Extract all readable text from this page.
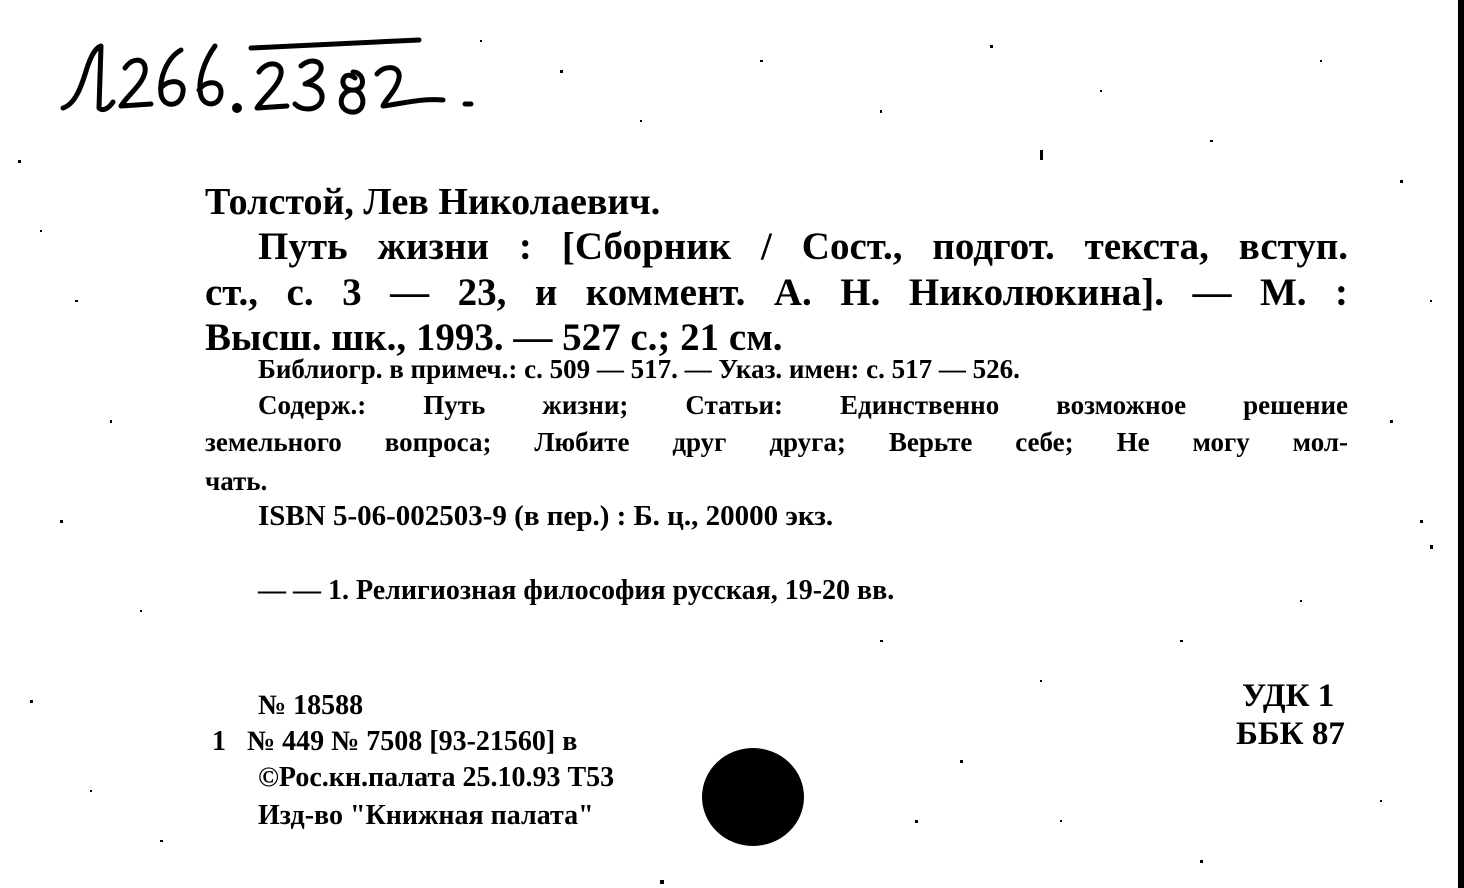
Л266.2382
Толстой, Лев Николаевич.
Путь жизни : [Сборник / Сост., подгот. текста, вступ.
ст., с. 3 — 23, и коммент. А. Н. Николюкина]. — М. :
Высш. шк., 1993. — 527 с.; 21 см.
Библиогр. в примеч.: с. 509 — 517. — Указ. имен: с. 517 — 526.
Содерж.: Путь жизни; Статьи: Единственно возможное решение
земельного вопроса; Любите друг друга; Верьте себе; Не могу мол-
чать.
ISBN 5-06-002503-9 (в пер.) : Б. ц., 20000 экз.
— — 1. Религиозная философия русская, 19-20 вв.
№ 18588
1 № 449 № 7508 [93-21560] в
©Рос.кн.палата 25.10.93 Т53
Изд-во "Книжная палата"
УДК 1
ББК 87
